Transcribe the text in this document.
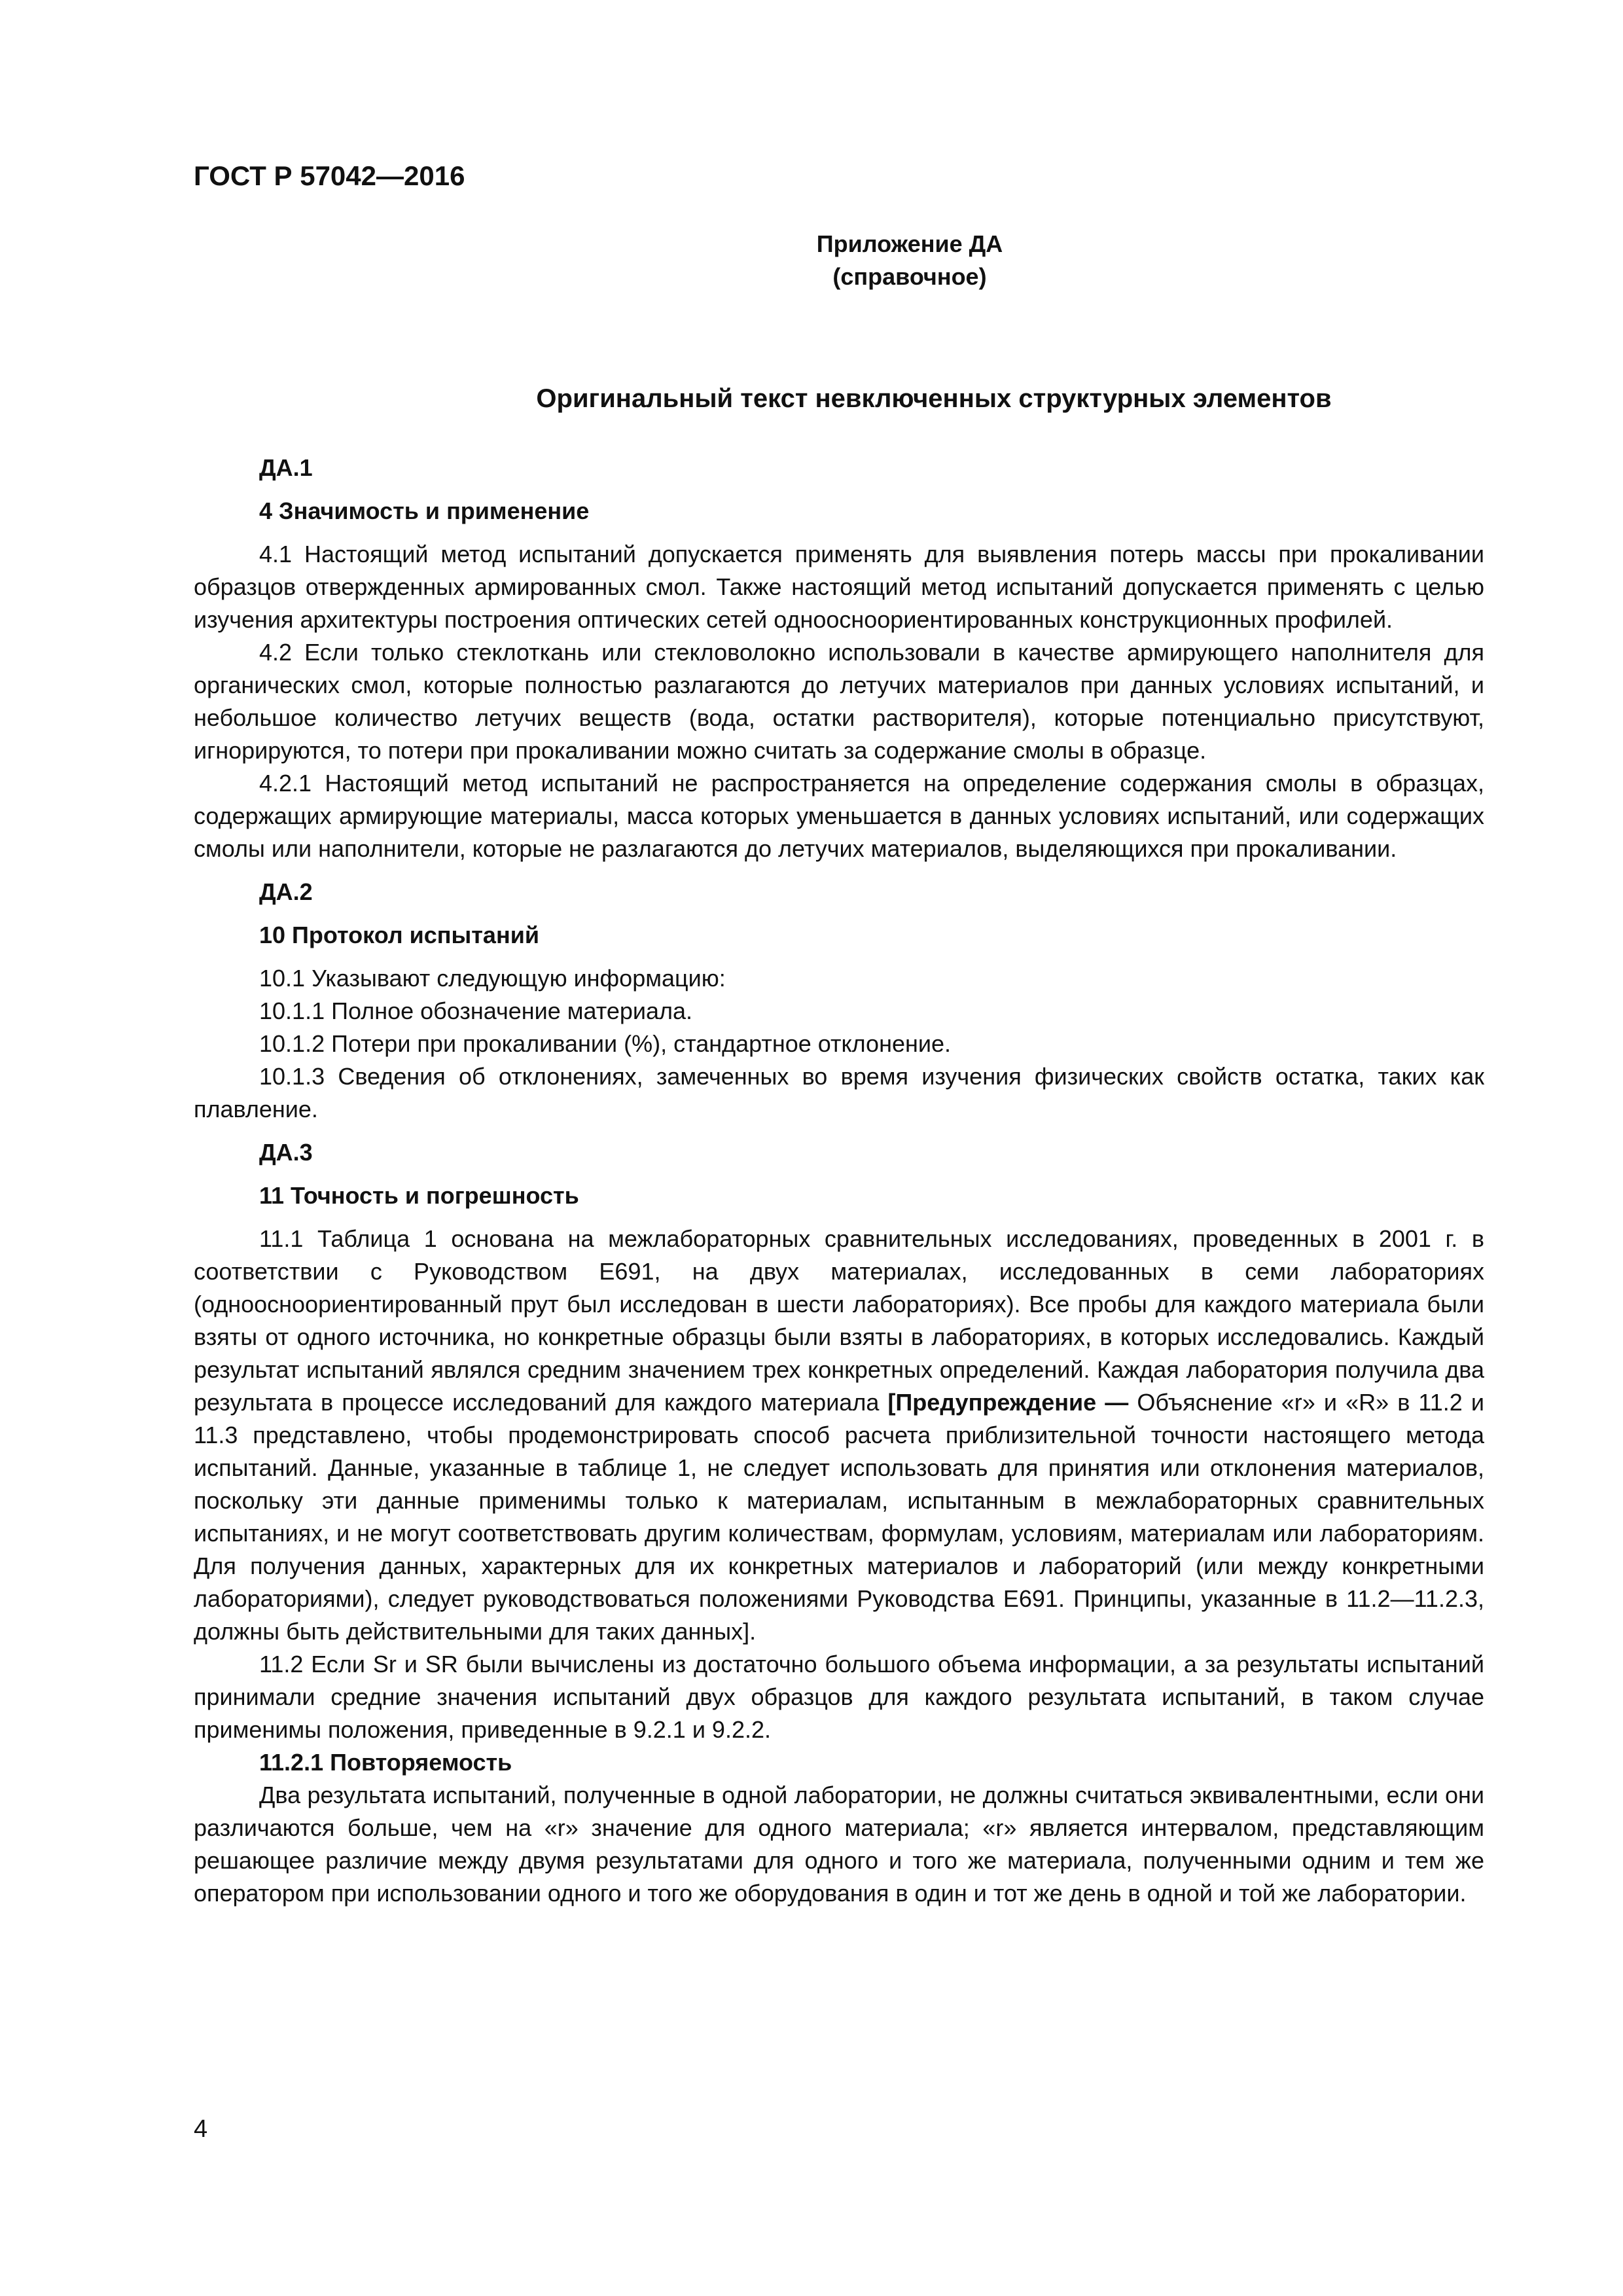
ГОСТ Р 57042—2016
Приложение ДА
(справочное)
Оригинальный текст невключенных структурных элементов
ДА.1
4 Значимость и применение

4.1 Настоящий метод испытаний допускается применять для выявления потерь массы при прокаливании образцов отвержденных армированных смол. Также настоящий метод испытаний допускается применять с целью изучения архитектуры построения оптических сетей одноосноориентированных конструкционных профилей.

4.2 Если только стеклоткань или стекловолокно использовали в качестве армирующего наполнителя для органических смол, которые полностью разлагаются до летучих материалов при данных условиях испытаний, и небольшое количество летучих веществ (вода, остатки растворителя), которые потенциально присутствуют, игнорируются, то потери при прокаливании можно считать за содержание смолы в образце.

4.2.1 Настоящий метод испытаний не распространяется на определение содержания смолы в образцах, содержащих армирующие материалы, масса которых уменьшается в данных условиях испытаний, или содержащих смолы или наполнители, которые не разлагаются до летучих материалов, выделяющихся при прокаливании.

ДА.2
10 Протокол испытаний

10.1 Указывают следующую информацию:

10.1.1 Полное обозначение материала.

10.1.2 Потери при прокаливании (%), стандартное отклонение.

10.1.3 Сведения об отклонениях, замеченных во время изучения физических свойств остатка, таких как плавление.

ДА.3
11 Точность и погрешность

11.1 Таблица 1 основана на межлабораторных сравнительных исследованиях, проведенных в 2001 г. в соответствии с Руководством E691, на двух материалах, исследованных в семи лабораториях (одноосноориентированный прут был исследован в шести лабораториях). Все пробы для каждого материала были взяты от одного источника, но конкретные образцы были взяты в лабораториях, в которых исследовались. Каждый результат испытаний являлся средним значением трех конкретных определений. Каждая лаборатория получила два результата в процессе исследований для каждого материала [Предупреждение — Объяснение «r» и «R» в 11.2 и 11.3 представлено, чтобы продемонстрировать способ расчета приблизительной точности настоящего метода испытаний. Данные, указанные в таблице 1, не следует использовать для принятия или отклонения материалов, поскольку эти данные применимы только к материалам, испытанным в межлабораторных сравнительных испытаниях, и не могут соответствовать другим количествам, формулам, условиям, материалам или лабораториям. Для получения данных, характерных для их конкретных материалов и лабораторий (или между конкретными лабораториями), следует руководствоваться положениями Руководства E691. Принципы, указанные в 11.2—11.2.3, должны быть действительными для таких данных].

11.2 Если Sr и SR были вычислены из достаточно большого объема информации, а за результаты испытаний принимали средние значения испытаний двух образцов для каждого результата испытаний, в таком случае применимы положения, приведенные в 9.2.1 и 9.2.2.

11.2.1 Повторяемость

Два результата испытаний, полученные в одной лаборатории, не должны считаться эквивалентными, если они различаются больше, чем на «r» значение для одного материала; «r» является интервалом, представляющим решающее различие между двумя результатами для одного и того же материала, полученными одним и тем же оператором при использовании одного и того же оборудования в один и тот же день в одной и той же лаборатории.

4
